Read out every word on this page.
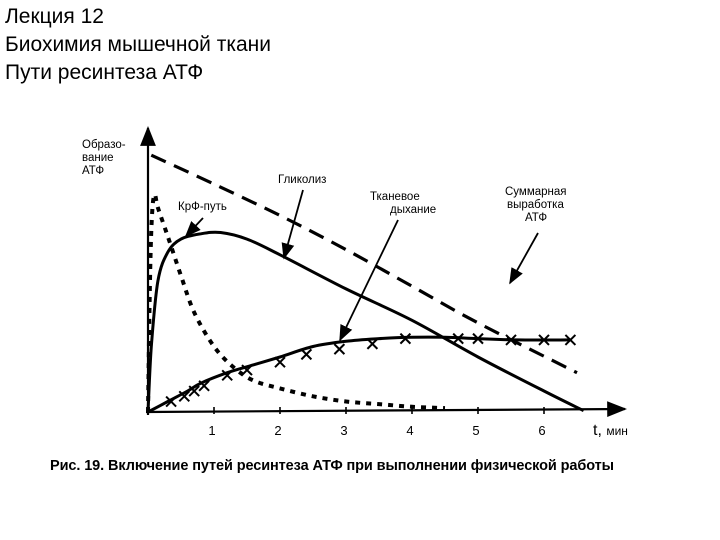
Лекция 12
Биохимия мышечной ткани
Пути ресинтеза АТФ
1	2	3	4	5	6	t, мин
Образо-вание АТФ
Суммарная выработка АТФ
КрФ-путь
Гликолиз
Тканевое дыхание
Рис. 19. Включение путей ресинтеза АТФ при выполнении физической работы
